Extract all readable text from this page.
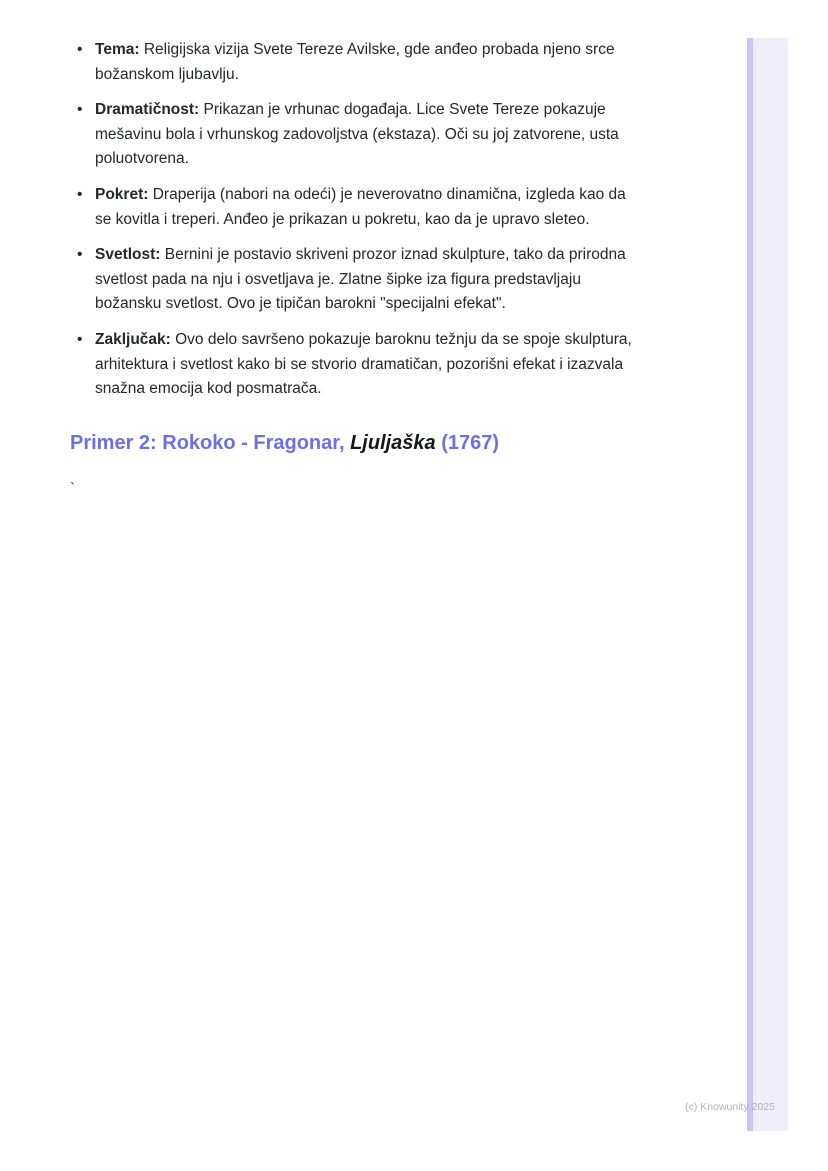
• Tema: Religijska vizija Svete Tereze Avilske, gde anđeo probada njeno srce božanskom ljubavlju.
• Dramatičnost: Prikazan je vrhunac događaja. Lice Svete Tereze pokazuje mešavinu bola i vrhunskog zadovoljstva (ekstaza). Oči su joj zatvorene, usta poluotvorena.
• Pokret: Draperija (nabori na odeći) je neverovatno dinamična, izgleda kao da se kovitla i treperi. Anđeo je prikazan u pokretu, kao da je upravo sleteo.
• Svetlost: Bernini je postavio skriveni prozor iznad skulpture, tako da prirodna svetlost pada na nju i osvetljava je. Zlatne šipke iza figura predstavljaju božansku svetlost. Ovo je tipičan barokni "specijalni efekat".
• Zaključak: Ovo delo savršeno pokazuje baroknu težnju da se spoje skulptura, arhitektura i svetlost kako bi se stvorio dramatičan, pozorišni efekat i izazvala snažna emocija kod posmatrača.
Primer 2: Rokoko - Fragonar, Ljuljaška (1767)
`
(c) Knowunity 2025
